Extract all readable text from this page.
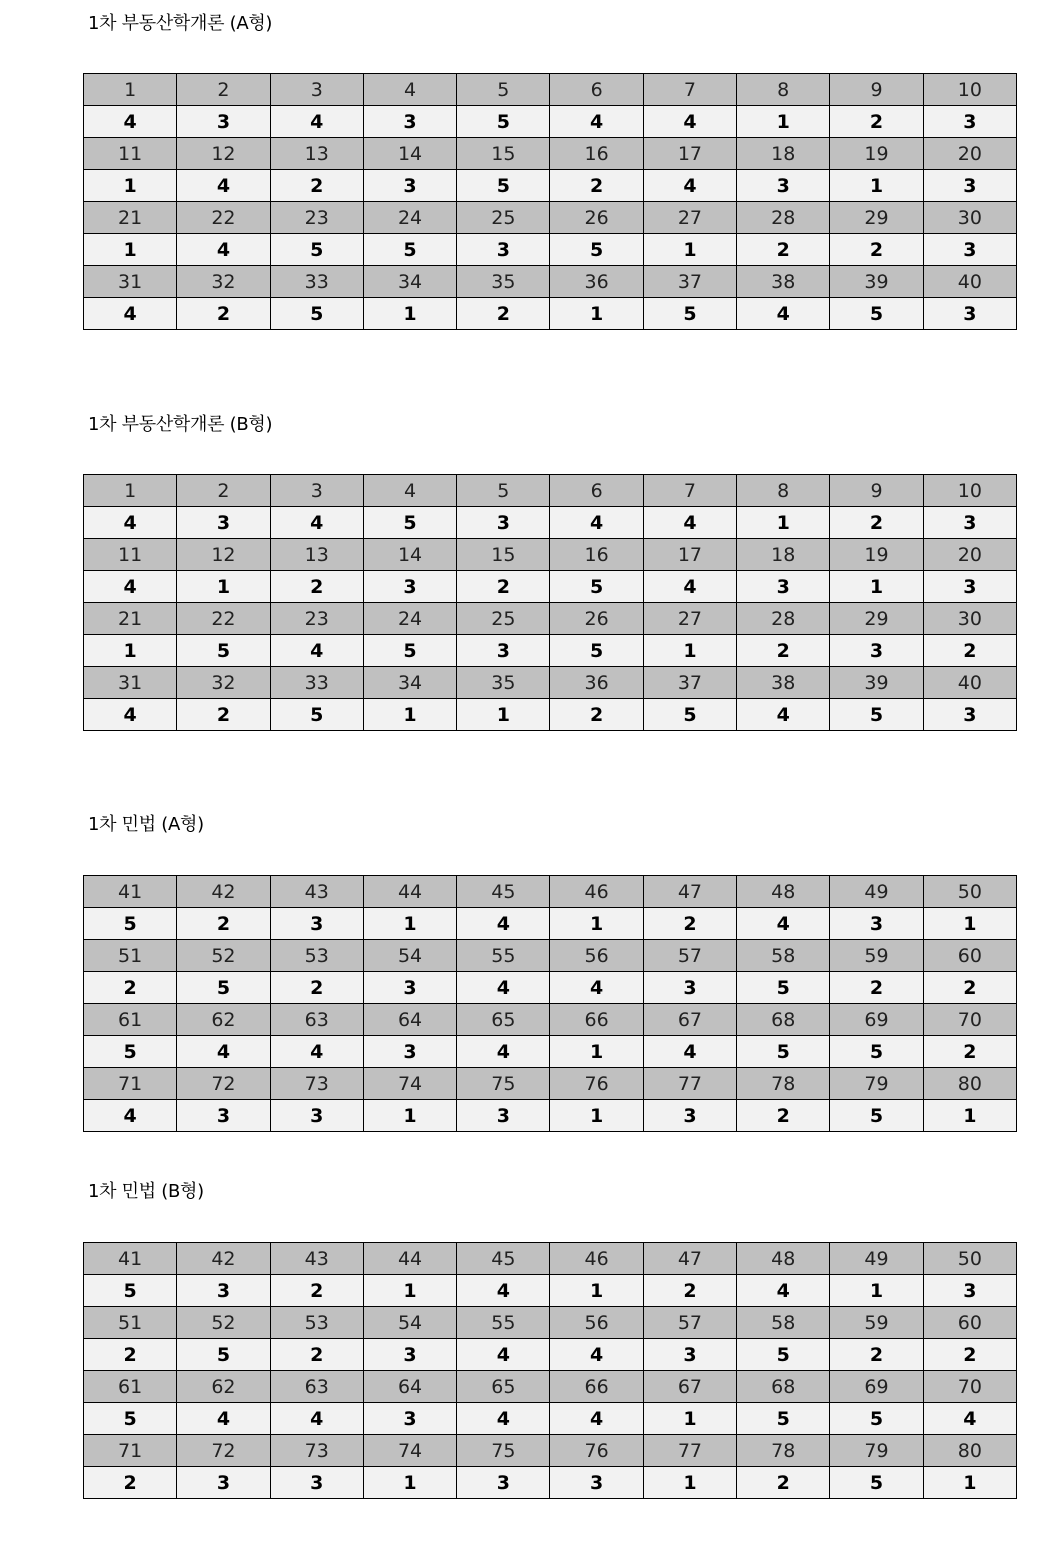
1차 부동산학개론 (A형)
1	2	3	4	5	6	7	8	9	10
4	3	4	3	5	4	4	1	2	3
11	12	13	14	15	16	17	18	19	20
1	4	2	3	5	2	4	3	1	3
21	22	23	24	25	26	27	28	29	30
1	4	5	5	3	5	1	2	2	3
31	32	33	34	35	36	37	38	39	40
4	2	5	1	2	1	5	4	5	3
1차 부동산학개론 (B형)
1	2	3	4	5	6	7	8	9	10
4	3	4	5	3	4	4	1	2	3
11	12	13	14	15	16	17	18	19	20
4	1	2	3	2	5	4	3	1	3
21	22	23	24	25	26	27	28	29	30
1	5	4	5	3	5	1	2	3	2
31	32	33	34	35	36	37	38	39	40
4	2	5	1	1	2	5	4	5	3
1차 민법 (A형)
41	42	43	44	45	46	47	48	49	50
5	2	3	1	4	1	2	4	3	1
51	52	53	54	55	56	57	58	59	60
2	5	2	3	4	4	3	5	2	2
61	62	63	64	65	66	67	68	69	70
5	4	4	3	4	1	4	5	5	2
71	72	73	74	75	76	77	78	79	80
4	3	3	1	3	1	3	2	5	1
1차 민법 (B형)
41	42	43	44	45	46	47	48	49	50
5	3	2	1	4	1	2	4	1	3
51	52	53	54	55	56	57	58	59	60
2	5	2	3	4	4	3	5	2	2
61	62	63	64	65	66	67	68	69	70
5	4	4	3	4	4	1	5	5	4
71	72	73	74	75	76	77	78	79	80
2	3	3	1	3	3	1	2	5	1
